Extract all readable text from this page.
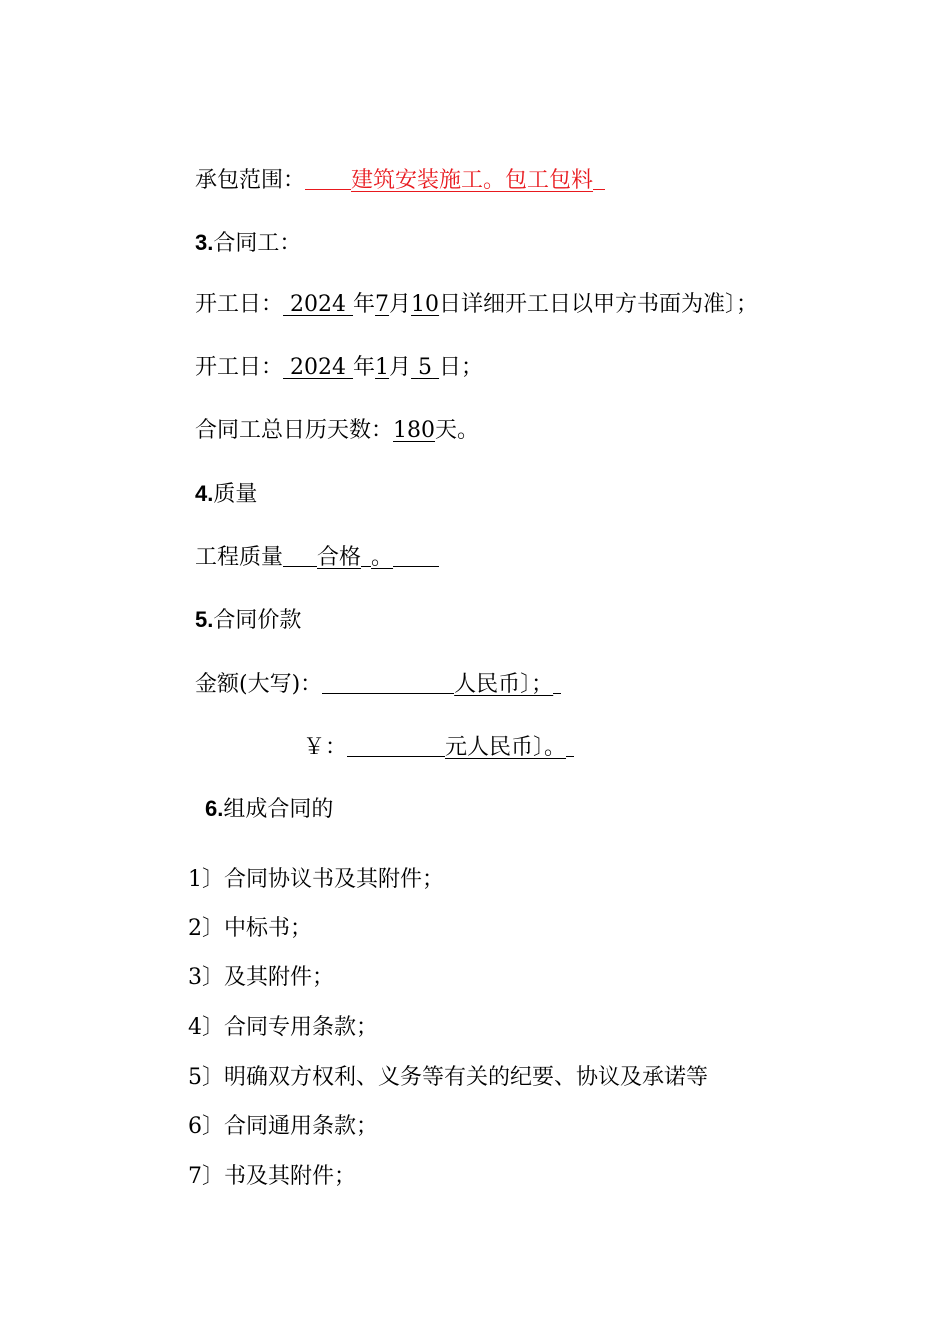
承包范围： 建筑安装施工。包工包料

3.合同工：

开工日： 2024 年7月10日详细开工日以甲方书面为准〕；

开工日： 2024 年1月 5 日；

合同工总日历天数：180天。

4.质量

工程质量 合格 。

5.合同价款

金额(大写)：	人民币〕；

￥：	元人民币〕。

6.组成合同的

1〕合同协议书及其附件；
2〕中标书；
3〕及其附件；
4〕合同专用条款；
5〕明确双方权利、义务等有关的纪要、协议及承诺等
6〕合同通用条款；
7〕书及其附件；
